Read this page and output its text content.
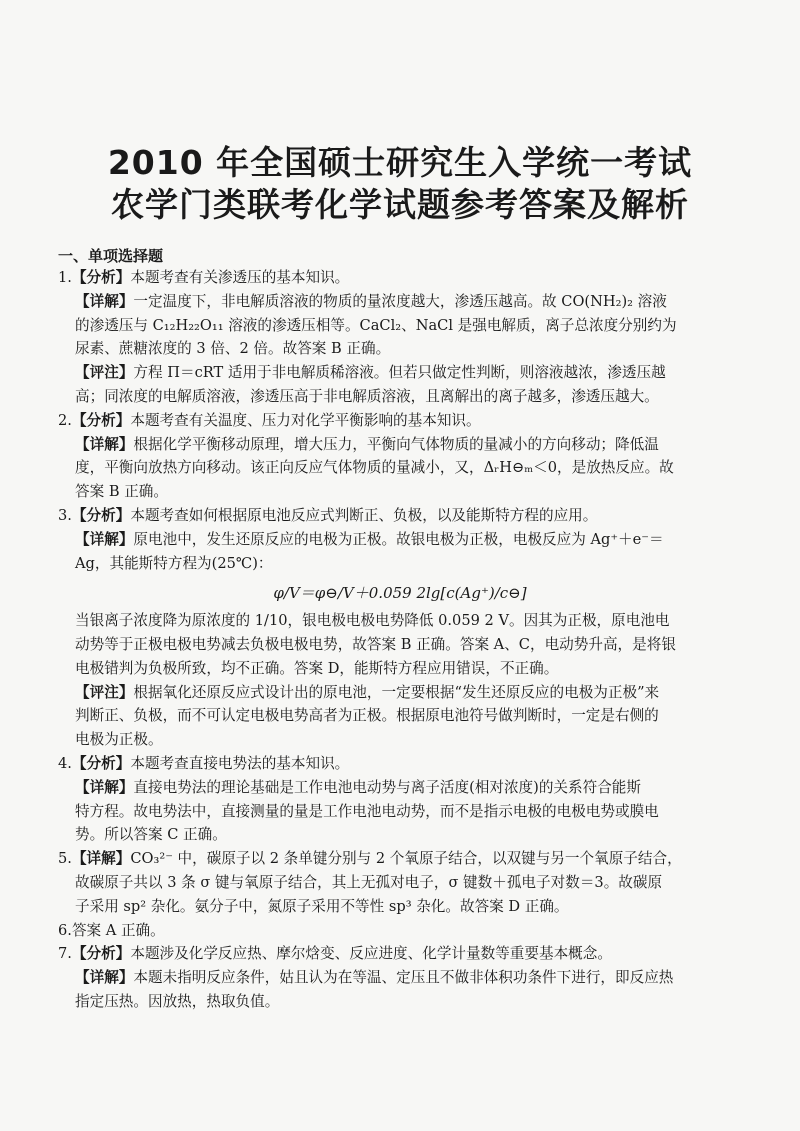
2010 年全国硕士研究生入学统一考试
农学门类联考化学试题参考答案及解析
一、单项选择题
1.【分析】本题考查有关渗透压的基本知识。
【详解】一定温度下，非电解质溶液的物质的量浓度越大，渗透压越高。故 CO(NH₂)₂ 溶液
的渗透压与 C₁₂H₂₂O₁₁ 溶液的渗透压相等。CaCl₂、NaCl 是强电解质，离子总浓度分别约为
尿素、蔗糖浓度的 3 倍、2 倍。故答案 B 正确。
【评注】方程 Π＝cRT 适用于非电解质稀溶液。但若只做定性判断，则溶液越浓，渗透压越
高；同浓度的电解质溶液，渗透压高于非电解质溶液，且离解出的离子越多，渗透压越大。
2.【分析】本题考查有关温度、压力对化学平衡影响的基本知识。
【详解】根据化学平衡移动原理，增大压力，平衡向气体物质的量减小的方向移动；降低温
度，平衡向放热方向移动。该正向反应气体物质的量减小，又，ΔᵣH⊖ₘ＜0，是放热反应。故
答案 B 正确。
3.【分析】本题考查如何根据原电池反应式判断正、负极，以及能斯特方程的应用。
【详解】原电池中，发生还原反应的电极为正极。故银电极为正极，电极反应为 Ag⁺＋e⁻＝
Ag，其能斯特方程为(25℃)：
φ/V＝φ⊖/V＋0.059 2lg[c(Ag⁺)/c⊖]
当银离子浓度降为原浓度的 1/10，银电极电极电势降低 0.059 2 V。因其为正极，原电池电
动势等于正极电极电势减去负极电极电势，故答案 B 正确。答案 A、C，电动势升高，是将银
电极错判为负极所致，均不正确。答案 D，能斯特方程应用错误，不正确。
【评注】根据氧化还原反应式设计出的原电池，一定要根据“发生还原反应的电极为正极”来
判断正、负极，而不可认定电极电势高者为正极。根据原电池符号做判断时，一定是右侧的
电极为正极。
4.【分析】本题考查直接电势法的基本知识。
【详解】直接电势法的理论基础是工作电池电动势与离子活度(相对浓度)的关系符合能斯
特方程。故电势法中，直接测量的量是工作电池电动势，而不是指示电极的电极电势或膜电
势。所以答案 C 正确。
5.【详解】CO₃²⁻ 中，碳原子以 2 条单键分别与 2 个氧原子结合，以双键与另一个氧原子结合，
故碳原子共以 3 条 σ 键与氧原子结合，其上无孤对电子，σ 键数＋孤电子对数＝3。故碳原
子采用 sp² 杂化。氨分子中，氮原子采用不等性 sp³ 杂化。故答案 D 正确。
6.答案 A 正确。
7.【分析】本题涉及化学反应热、摩尔焓变、反应进度、化学计量数等重要基本概念。
【详解】本题未指明反应条件，姑且认为在等温、定压且不做非体积功条件下进行，即反应热
指定压热。因放热，热取负值。
